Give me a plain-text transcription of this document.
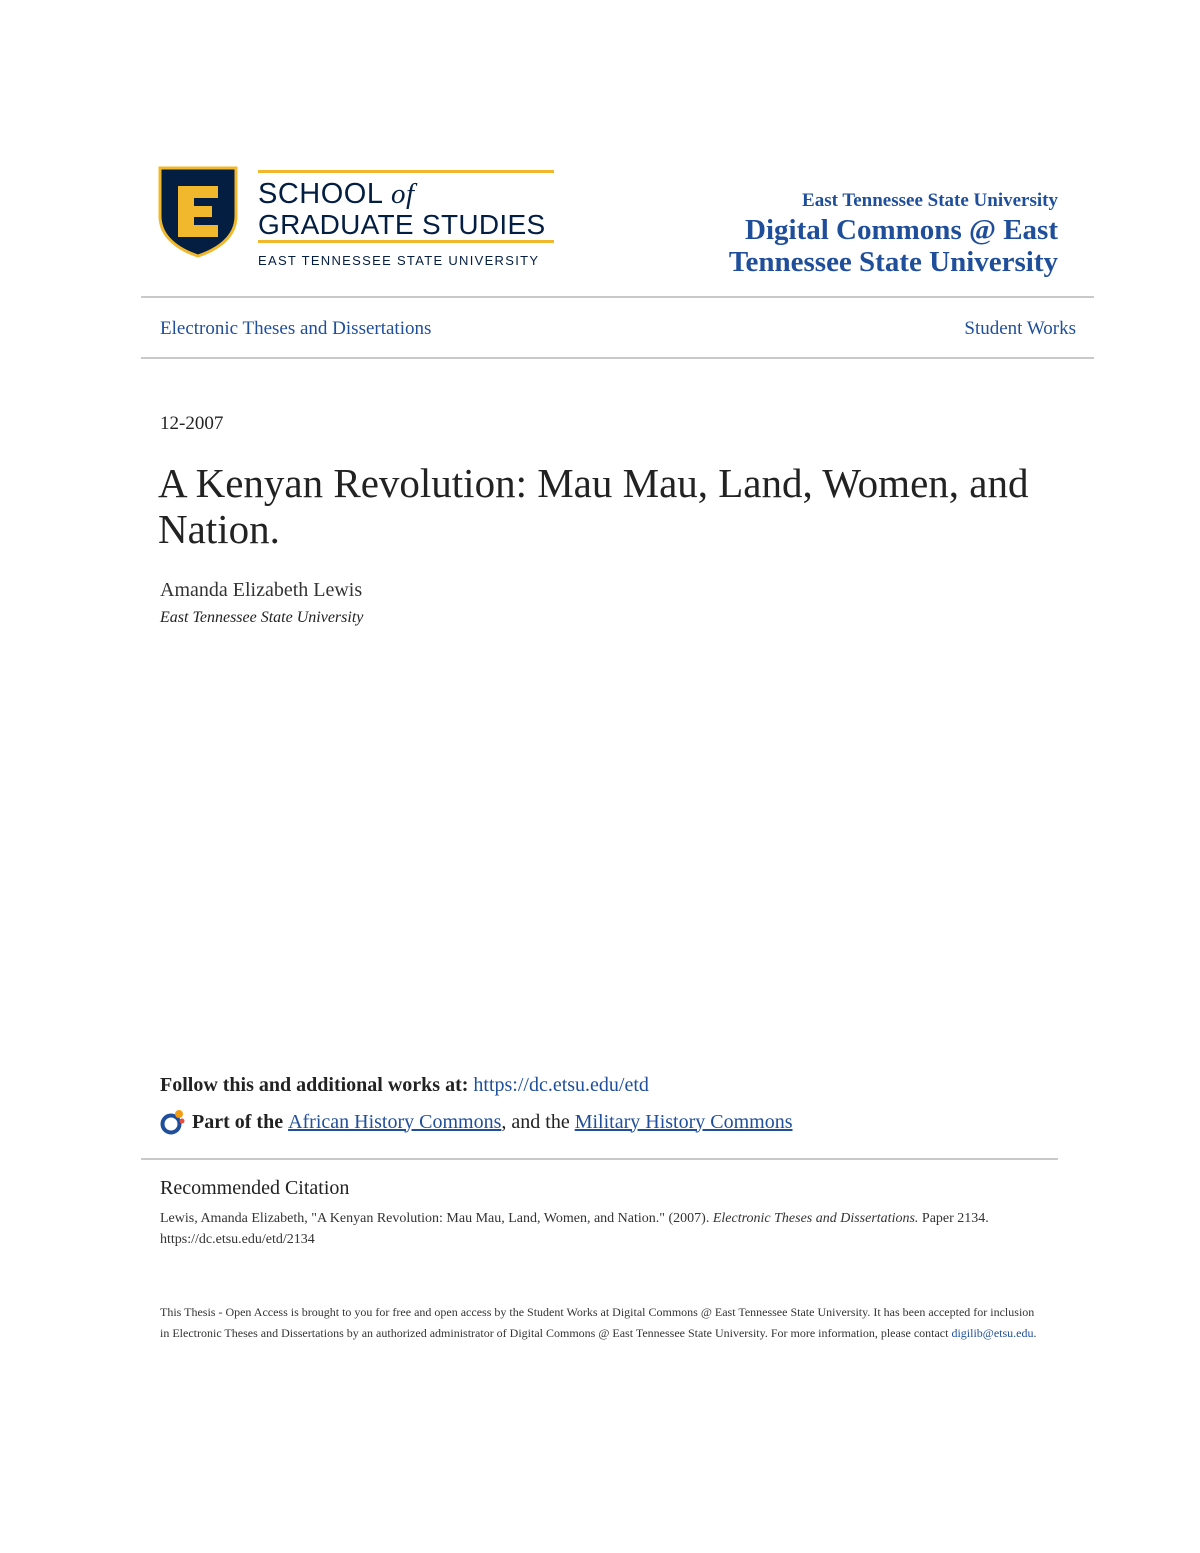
SCHOOL of
GRADUATE STUDIES
EAST TENNESSEE STATE UNIVERSITY
East Tennessee State University
Digital Commons @ East Tennessee State University
Electronic Theses and Dissertations	Student Works
12-2007
A Kenyan Revolution: Mau Mau, Land, Women, and Nation.
Amanda Elizabeth Lewis
East Tennessee State University
Follow this and additional works at: https://dc.etsu.edu/etd
Part of the African History Commons, and the Military History Commons
Recommended Citation
Lewis, Amanda Elizabeth, "A Kenyan Revolution: Mau Mau, Land, Women, and Nation." (2007). Electronic Theses and Dissertations. Paper 2134. https://dc.etsu.edu/etd/2134
This Thesis - Open Access is brought to you for free and open access by the Student Works at Digital Commons @ East Tennessee State University. It has been accepted for inclusion in Electronic Theses and Dissertations by an authorized administrator of Digital Commons @ East Tennessee State University. For more information, please contact digilib@etsu.edu.
